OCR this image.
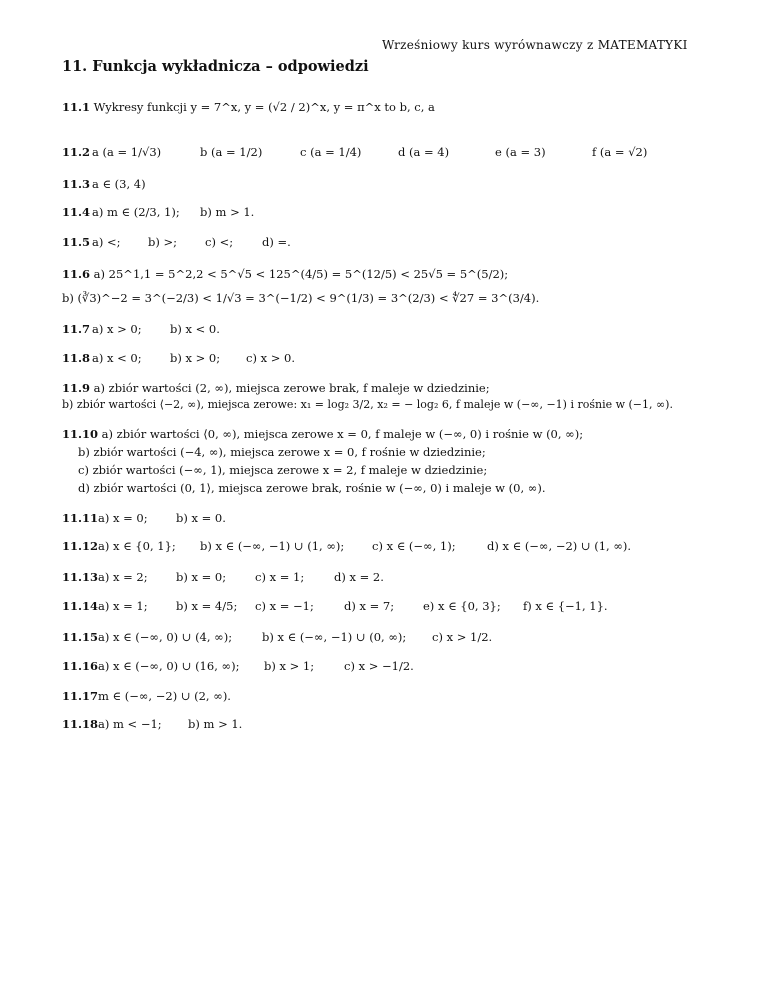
Wrześniowy kurs wyrównawczy z MATEMATYKI
11. Funkcja wykładnicza – odpowiedzi
11.1 Wykresy funkcji y = 7^x, y = (√2 / 2)^x, y = π^x to b, c, a
11.2 a (a = 1/√3)	b (a = 1/2)	c (a = 1/4)	d (a = 4)	e (a = 3)	f (a = √2)
11.3 a ∈ (3, 4)
11.4 a) m ∈ (2/3, 1); b) m > 1.
11.5 a) <; b) >; c) <;	d) =.
11.6 a) 25^1,1 = 5^2,2 < 5^√5 < 125^(4/5) = 5^(12/5) < 25√5 = 5^(5/2);
b) (∛3)^−2 = 3^(−2/3) < 1/√3 = 3^(−1/2) < 9^(1/3) = 3^(2/3) < ∜27 = 3^(3/4).
11.7 a) x > 0; b) x < 0.
11.8 a) x < 0; b) x > 0; c) x > 0.
11.9 a) zbiór wartości (2, ∞), miejsca zerowe brak, f maleje w dziedzinie;
b) zbiór wartości ⟨−2, ∞), miejsca zerowe: x₁ = log₂ 3/2, x₂ = − log₂ 6, f maleje w (−∞, −1) i rośnie w (−1, ∞).
11.10 a) zbiór wartości ⟨0, ∞), miejsca zerowe x = 0, f maleje w (−∞, 0) i rośnie w (0, ∞);
b) zbiór wartości (−4, ∞), miejsca zerowe x = 0, f rośnie w dziedzinie;
c) zbiór wartości (−∞, 1), miejsca zerowe x = 2, f maleje w dziedzinie;
d) zbiór wartości (0, 1⟩, miejsca zerowe brak, rośnie w (−∞, 0) i maleje w (0, ∞).
11.11 a) x = 0; b) x = 0.
11.12 a) x ∈ {0, 1}; b) x ∈ (−∞, −1) ∪ (1, ∞); c) x ∈ (−∞, 1);	d) x ∈ (−∞, −2) ∪ (1, ∞).
11.13 a) x = 2; b) x = 0;	c) x = 1;	d) x = 2.
11.14 a) x = 1; b) x = 4/5; c) x = −1;	d) x = 7;	e) x ∈ {0, 3}; f) x ∈ {−1, 1}.
11.15 a) x ∈ (−∞, 0) ∪ (4, ∞);	b) x ∈ (−∞, −1) ∪ (0, ∞); c) x > 1/2.
11.16 a) x ∈ (−∞, 0) ∪ (16, ∞); b) x > 1;	c) x > −1/2.
11.17 m ∈ (−∞, −2) ∪ (2, ∞).
11.18 a) m < −1; b) m > 1.
